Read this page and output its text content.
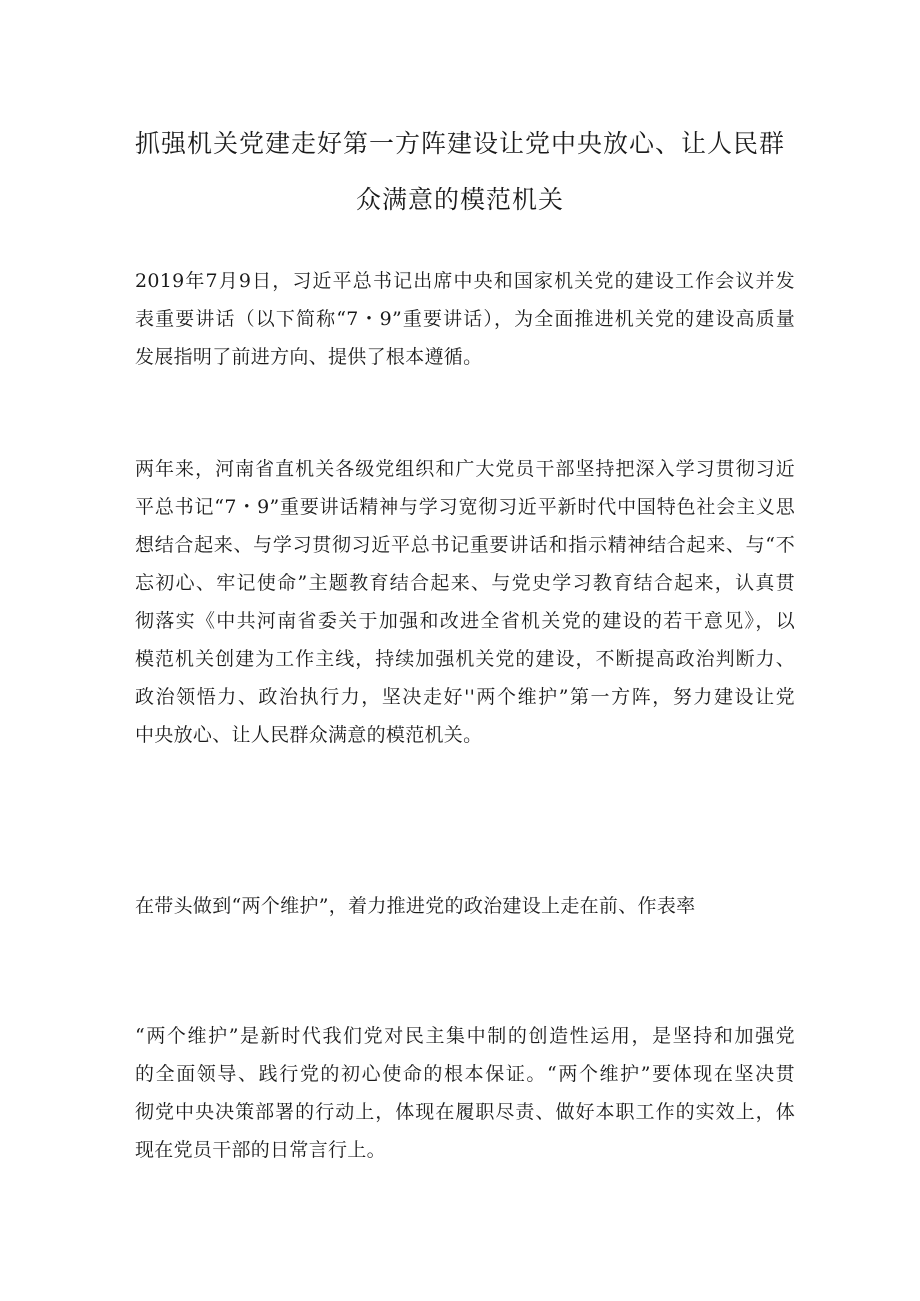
抓强机关党建走好第一方阵建设让党中央放心、让人民群
众满意的模范机关
2019年7月9日，习近平总书记出席中央和国家机关党的建设工作会议并发
表重要讲话（以下简称“7・9”重要讲话），为全面推进机关党的建设高质量
发展指明了前进方向、提供了根本遵循。
两年来，河南省直机关各级党组织和广大党员干部坚持把深入学习贯彻习近
平总书记“7・9”重要讲话精神与学习宽彻习近平新时代中国特色社会主义思
想结合起来、与学习贯彻习近平总书记重要讲话和指示精神结合起来、与“不
忘初心、牢记使命”主题教育结合起来、与党史学习教育结合起来，认真贯
彻落实《中共河南省委关于加强和改进全省机关党的建设的若干意见》，以
模范机关创建为工作主线，持续加强机关党的建设，不断提高政治判断力、
政治领悟力、政治执行力，坚决走好''两个维护”第一方阵，努力建设让党
中央放心、让人民群众满意的模范机关。
在带头做到“两个维护”，着力推进党的政治建设上走在前、作表率
“两个维护”是新时代我们党对民主集中制的创造性运用，是坚持和加强党
的全面领导、践行党的初心使命的根本保证。“两个维护”要体现在坚决贯
彻党中央决策部署的行动上，体现在履职尽责、做好本职工作的实效上，体
现在党员干部的日常言行上。
